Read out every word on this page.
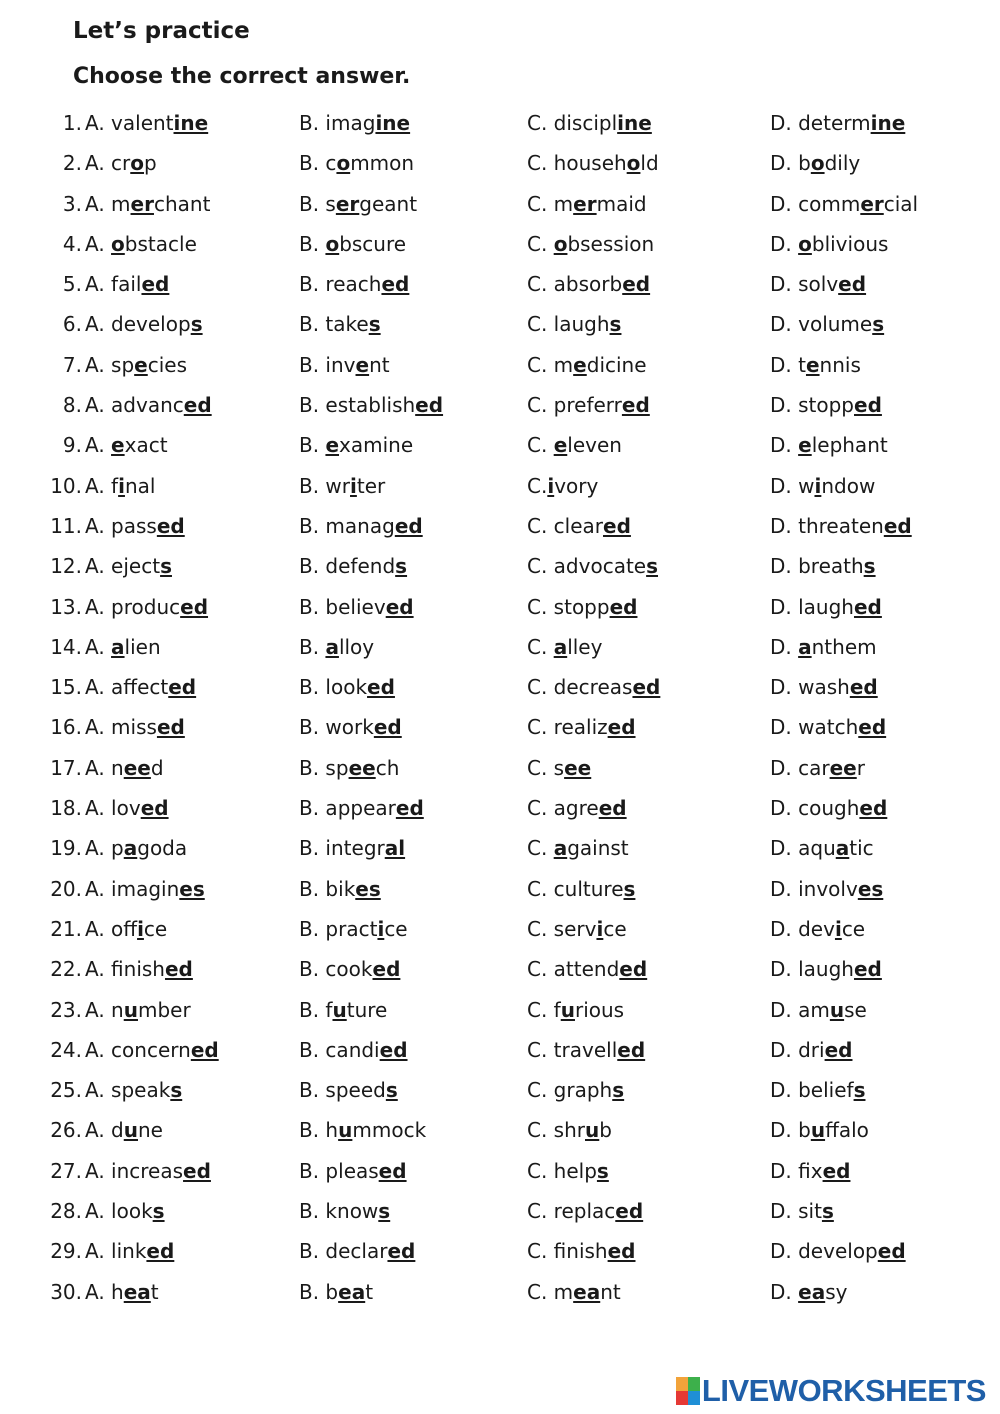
Let’s practice
Choose the correct answer.
1. A. valentine	B. imagine	C. discipline	D. determine
2. A. crop	B. common	C. household	D. bodily
3. A. merchant	B. sergeant	C. mermaid	D. commercial
4. A. obstacle	B. obscure	C. obsession	D. oblivious
5. A. failed	B. reached	C. absorbed	D. solved
6. A. develops	B. takes	C. laughs	D. volumes
7. A. species	B. invent	C. medicine	D. tennis
8. A. advanced	B. established	C. preferred	D. stopped
9. A. exact	B. examine	C. eleven	D. elephant
10. A. final	B. writer	C.ivory	D. window
11. A. passed	B. managed	C. cleared	D. threatened
12. A. ejects	B. defends	C. advocates	D. breaths
13. A. produced	B. believed	C. stopped	D. laughed
14. A. alien	B. alloy	C. alley	D. anthem
15. A. affected	B. looked	C. decreased	D. washed
16. A. missed	B. worked	C. realized	D. watched
17. A. need	B. speech	C. see	D. career
18. A. loved	B. appeared	C. agreed	D. coughed
19. A. pagoda	B. integral	C. against	D. aquatic
20. A. imagines	B. bikes	C. cultures	D. involves
21. A. office	B. practice	C. service	D. device
22. A. finished	B. cooked	C. attended	D. laughed
23. A. number	B. future	C. furious	D. amuse
24. A. concerned	B. candied	C. travelled	D. dried
25. A. speaks	B. speeds	C. graphs	D. beliefs
26. A. dune	B. hummock	C. shrub	D. buffalo
27. A. increased	B. pleased	C. helps	D. fixed
28. A. looks	B. knows	C. replaced	D. sits
29. A. linked	B. declared	C. finished	D. developed
30. A. heat	B. beat	C. meant	D. easy
LIVEWORKSHEETS
